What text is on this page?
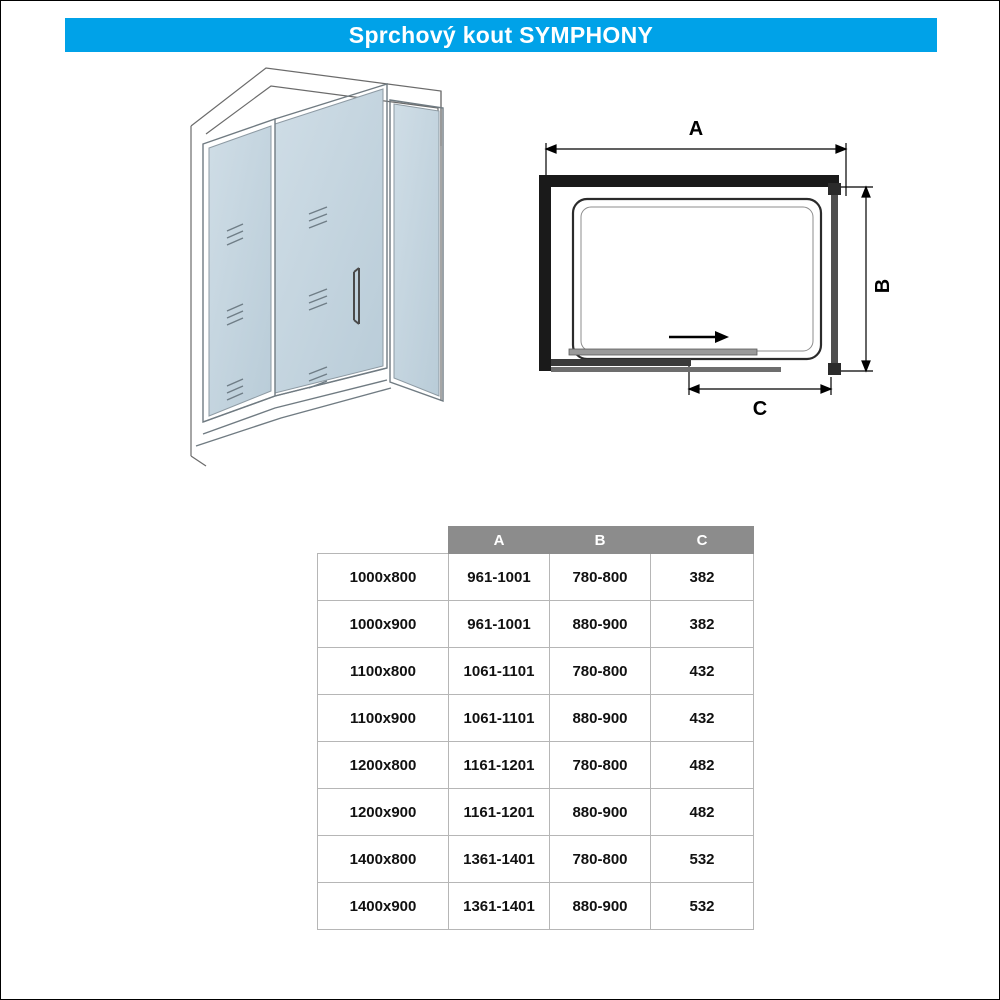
Sprchový kout SYMPHONY
A
B
C
	A	B	C
1000x800	961-1001	780-800	382
1000x900	961-1001	880-900	382
1100x800	1061-1101	780-800	432
1100x900	1061-1101	880-900	432
1200x800	1161-1201	780-800	482
1200x900	1161-1201	880-900	482
1400x800	1361-1401	780-800	532
1400x900	1361-1401	880-900	532
